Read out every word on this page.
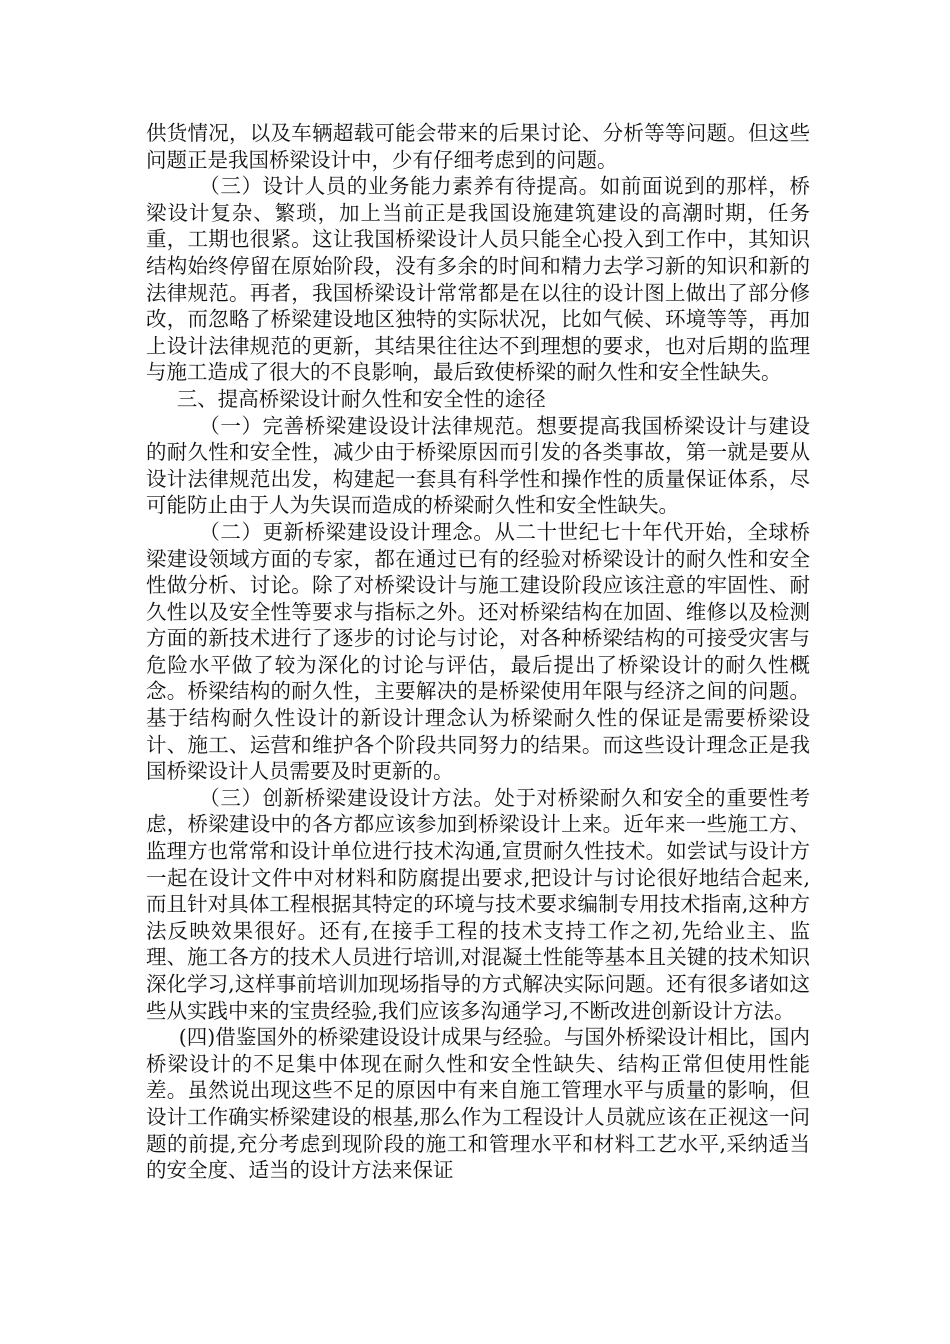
供货情况，以及车辆超载可能会带来的后果讨论、分析等等问题。但这些问题正是我国桥梁设计中，少有仔细考虑到的问题。

（三）设计人员的业务能力素养有待提高。如前面说到的那样，桥梁设计复杂、繁琐，加上当前正是我国设施建筑建设的高潮时期，任务重，工期也很紧。这让我国桥梁设计人员只能全心投入到工作中，其知识结构始终停留在原始阶段，没有多余的时间和精力去学习新的知识和新的法律规范。再者，我国桥梁设计常常都是在以往的设计图上做出了部分修改，而忽略了桥梁建设地区独特的实际状况，比如气候、环境等等，再加上设计法律规范的更新，其结果往往达不到理想的要求，也对后期的监理与施工造成了很大的不良影响，最后致使桥梁的耐久性和安全性缺失。

三、提高桥梁设计耐久性和安全性的途径

（一）完善桥梁建设设计法律规范。想要提高我国桥梁设计与建设的耐久性和安全性，减少由于桥梁原因而引发的各类事故，第一就是要从设计法律规范出发，构建起一套具有科学性和操作性的质量保证体系，尽可能防止由于人为失误而造成的桥梁耐久性和安全性缺失。

（二）更新桥梁建设设计理念。从二十世纪七十年代开始，全球桥梁建设领域方面的专家，都在通过已有的经验对桥梁设计的耐久性和安全性做分析、讨论。除了对桥梁设计与施工建设阶段应该注意的牢固性、耐久性以及安全性等要求与指标之外。还对桥梁结构在加固、维修以及检测方面的新技术进行了逐步的讨论与讨论，对各种桥梁结构的可接受灾害与危险水平做了较为深化的讨论与评估，最后提出了桥梁设计的耐久性概念。桥梁结构的耐久性，主要解决的是桥梁使用年限与经济之间的问题。基于结构耐久性设计的新设计理念认为桥梁耐久性的保证是需要桥梁设计、施工、运营和维护各个阶段共同努力的结果。而这些设计理念正是我国桥梁设计人员需要及时更新的。

（三）创新桥梁建设设计方法。处于对桥梁耐久和安全的重要性考虑，桥梁建设中的各方都应该参加到桥梁设计上来。近年来一些施工方、监理方也常常和设计单位进行技术沟通,宣贯耐久性技术。如尝试与设计方一起在设计文件中对材料和防腐提出要求,把设计与讨论很好地结合起来,而且针对具体工程根据其特定的环境与技术要求编制专用技术指南,这种方法反映效果很好。还有,在接手工程的技术支持工作之初,先给业主、监理、施工各方的技术人员进行培训,对混凝土性能等基本且关键的技术知识深化学习,这样事前培训加现场指导的方式解决实际问题。还有很多诸如这些从实践中来的宝贵经验,我们应该多沟通学习,不断改进创新设计方法。

(四)借鉴国外的桥梁建设设计成果与经验。与国外桥梁设计相比，国内桥梁设计的不足集中体现在耐久性和安全性缺失、结构正常但使用性能差。虽然说出现这些不足的原因中有来自施工管理水平与质量的影响，但设计工作确实桥梁建设的根基,那么作为工程设计人员就应该在正视这一问题的前提,充分考虑到现阶段的施工和管理水平和材料工艺水平,采纳适当的安全度、适当的设计方法来保证
